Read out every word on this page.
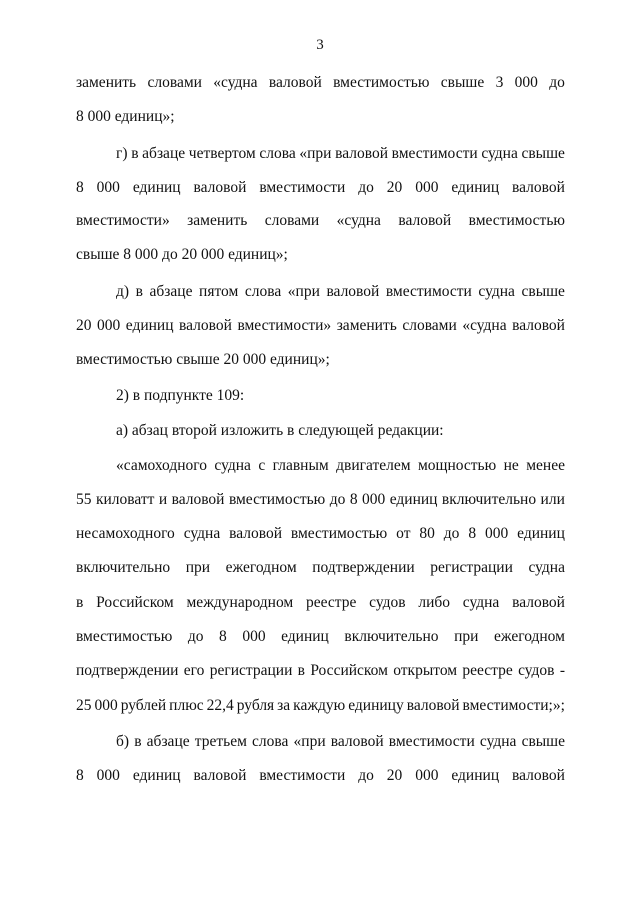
3
заменить словами «судна валовой вместимостью свыше 3 000 до
8 000 единиц»;
г) в абзаце четвертом слова «при валовой вместимости судна свыше
8 000 единиц валовой вместимости до 20 000 единиц валовой
вместимости» заменить словами «судна валовой вместимостью
свыше 8 000 до 20 000 единиц»;
д) в абзаце пятом слова «при валовой вместимости судна свыше
20 000 единиц валовой вместимости» заменить словами «судна валовой
вместимостью свыше 20 000 единиц»;
2) в подпункте 109:
а) абзац второй изложить в следующей редакции:
«самоходного судна с главным двигателем мощностью не менее
55 киловатт и валовой вместимостью до 8 000 единиц включительно или
несамоходного судна валовой вместимостью от 80 до 8 000 единиц
включительно при ежегодном подтверждении регистрации судна
в Российском международном реестре судов либо судна валовой
вместимостью до 8 000 единиц включительно при ежегодном
подтверждении его регистрации в Российском открытом реестре судов -
25 000 рублей плюс 22,4 рубля за каждую единицу валовой вместимости;»;
б) в абзаце третьем слова «при валовой вместимости судна свыше
8 000 единиц валовой вместимости до 20 000 единиц валовой
